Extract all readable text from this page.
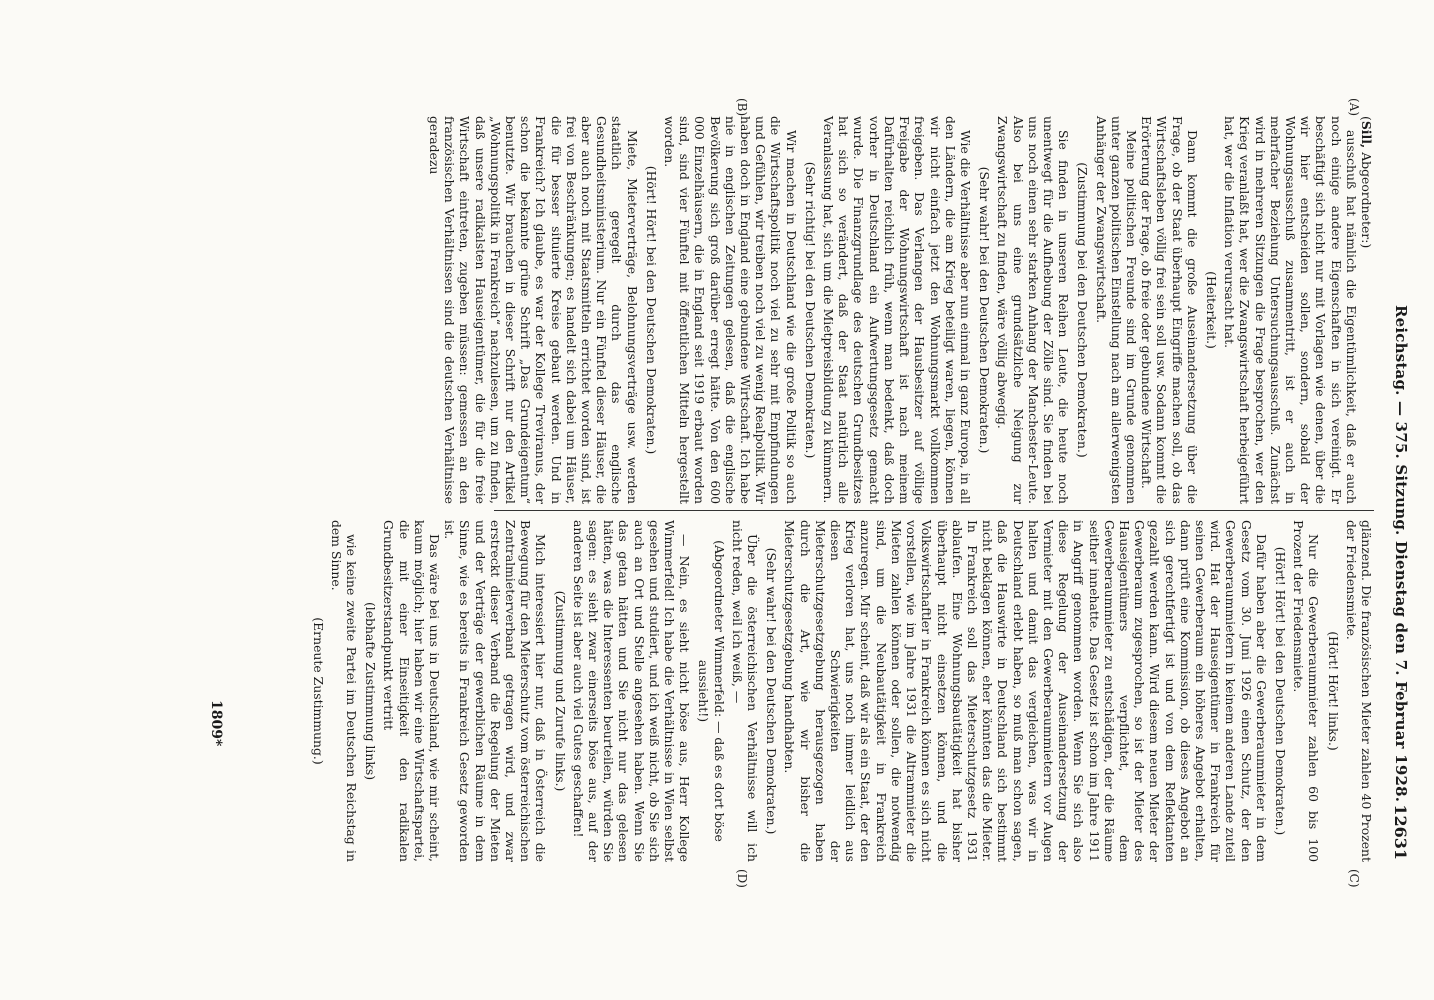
Reichstag. — 375. Sitzung. Dienstag den 7. Februar 1928.
12631
(A)
(B)
(C)
(D)

(Sill, Abgeordneter:)

ausschuß hat nämlich die Eigentümlichkeit, daß er auch noch einige andere Eigenschaften in sich vereinigt. Er beschäftigt sich nicht nur mit Vorlagen wie denen, über die wir hier entscheiden sollen, sondern, sobald der Wohnungsausschuß zusammentritt, ist er auch in mehrfacher Beziehung Untersuchungsausschuß. Zunächst wird in mehreren Sitzungen die Frage besprochen, wer den Krieg veranlaßt hat, wer die Zwangswirtschaft herbeigeführt hat, wer die Inflation verursacht hat.

(Heiterkeit.)

Dann kommt die große Auseinandersetzung über die Frage, ob der Staat überhaupt Eingriffe machen soll, ob das Wirtschaftsleben völlig frei sein soll usw. Sodann kommt die Erörterung der Frage, ob freie oder gebundene Wirtschaft.

Meine politischen Freunde sind im Grunde genommen unter ganzen politischen Einstellung nach am allerwenigsten Anhänger der Zwangswirtschaft.

(Zustimmung bei den Deutschen Demokraten.)

Sie finden in unseren Reihen Leute, die heute noch unentwegt für die Aufhebung der Zölle sind. Sie finden bei uns noch einen sehr starken Anhang der Manchester-Leute. Also bei uns eine grundsätzliche Neigung zur Zwangswirtschaft zu finden, wäre völlig abwegig.

(Sehr wahr! bei den Deutschen Demokraten.)

Wie die Verhältnisse aber nun einmal in ganz Europa, in all den Ländern, die am Krieg beteiligt waren, liegen, können wir nicht einfach jetzt den Wohnungsmarkt vollkommen freigeben. Das Verlangen der Hausbesitzer auf völlige Freigabe der Wohnungswirtschaft ist nach meinem Dafürhalten reichlich früh, wenn man bedenkt, daß doch vorher in Deutschland ein Aufwertungsgesetz gemacht wurde. Die Finanzgrundlage des deutschen Grundbesitzes hat sich so verändert, daß der Staat natürlich alle Veranlassung hat, sich um die Mietpreisbildung zu kümmern.

(Sehr richtig! bei den Deutschen Demokraten.)

Wir machen in Deutschland wie die große Politik so auch die Wirtschaftspolitik noch viel zu sehr mit Empfindungen und Gefühlen, wir treiben noch viel zu wenig Realpolitik. Wir haben doch in England eine gebundene Wirtschaft. Ich habe nie in englischen Zeitungen gelesen, daß die englische Bevölkerung sich groß darüber erregt hätte. Von den 600 000 Einzelhäusern, die in England seit 1919 erbaut worden sind, sind vier Fünftel mit öffentlichen Mitteln hergestellt worden.

(Hört! Hört! bei den Deutschen Demokraten.)

Miete, Mieterverträge, Belohnungsverträge usw. werden staatlich geregelt durch das englische Gesundheitsministerium. Nur ein Fünftel dieser Häuser, die aber auch noch mit Staatsmitteln errichtet worden sind, ist frei von Beschränkungen; es handelt sich dabei um Häuser, die für besser situierte Kreise gebaut werden. Und in Frankreich? Ich glaube, es war der Kollege Treviranus, der schon die bekannte grüne Schrift „Das Grundeigentum“ benutzte. Wir brauchen in dieser Schrift nur den Artikel „Wohnungspolitik in Frankreich“ nachzulesen, um zu finden, daß unsere radikalsten Hauseigentümer, die für die freie Wirtschaft eintreten, zugeben müssen: gemessen an den französischen Verhältnissen sind die deutschen Verhältnisse geradezu

glänzend. Die französischen Mieter zahlen 40 Prozent der Friedensmiete.

(Hört! Hört! links.)

Nur die Gewerberaummieter zahlen 60 bis 100 Prozent der Friedensmiete.

(Hört! Hört! bei den Deutschen Demokraten.)

Dafür haben aber die Gewerberaummieter in dem Gesetz vom 30. Juni 1926 einen Schutz, der den Gewerberaummietern in keinem anderen Lande zuteil wird. Hat der Hauseigentümer in Frankreich für seinen Gewerberaum ein höheres Angebot erhalten, dann prüft eine Kommission, ob dieses Angebot an sich gerechtfertigt ist und von dem Reflektanten gezahlt werden kann. Wird diesem neuen Mieter der Gewerberaum zugesprochen, so ist der Mieter des Hauseigentümers verpflichtet, dem Gewerberaummieter zu entschädigen, der die Räume seither innehatte. Das Gesetz ist schon im Jahre 1911 in Angriff genommen worden. Wenn Sie sich also diese Regelung der Auseinandersetzung der Vermieter mit den Gewerberaummietern vor Augen halten und damit das vergleichen, was wir in Deutschland erlebt haben, so muß man schon sagen, daß die Hauswirte in Deutschland sich bestimmt nicht beklagen können, eher könnten das die Mieter. In Frankreich soll das Mieterschutzgesetz 1931 ablaufen. Eine Wohnungsbautätigkeit hat bisher überhaupt nicht einsetzen können, und die Volkswirtschaftler in Frankreich können es sich nicht vorstellen, wie im Jahre 1931 die Altrammieter die Mieten zahlen können oder sollen, die notwendig sind, um die Neubautätigkeit in Frankreich anzuregen. Mir scheint, daß wir als ein Staat, der den Krieg verloren hat, uns noch immer leidlich aus diesen Schwierigkeiten der Mieterschutzgesetzgebung herausgezogen haben durch die Art, wie wir bisher die Mieterschutzgesetzgebung handhabten.

(Sehr wahr! bei den Deutschen Demokraten.)

Über die österreichischen Verhältnisse will ich nicht reden, weil ich weiß, —

(Abgeordneter Wimmerfeld: — daß es dort böse aussieht!)

— Nein, es sieht nicht böse aus, Herr Kollege Wimmerfeld! Ich habe die Verhältnisse in Wien selbst gesehen und studiert, und ich weiß nicht, ob Sie sich auch an Ort und Stelle angesehen haben. Wenn Sie das getan hätten und Sie nicht nur das gelesen hätten, was die Interessenten beurteilen, würden Sie sagen: es sieht zwar einerseits böse aus, auf der anderen Seite ist aber auch viel Gutes geschaffen!

(Zustimmung und Zurufe links.)

Mich interessiert hier nur, daß in Österreich die Bewegung für den Mieterschutz vom österreichischen Zentralmieterverband getragen wird, und zwar erstreckt dieser Verband die Regelung der Mieten und der Verträge der gewerblichen Räume in dem Sinne, wie es bereits in Frankreich Gesetz geworden ist.

Das wäre bei uns in Deutschland, wie mir scheint, kaum möglich; hier haben wir eine Wirtschaftspartei, die mit einer Einseitigkeit den radikalen Grundbesitzerstandpunkt vertritt

(lebhafte Zustimmung links)

wie keine zweite Partei im Deutschen Reichstag in dem Sinne.

(Erneute Zustimmung.)

1809*
